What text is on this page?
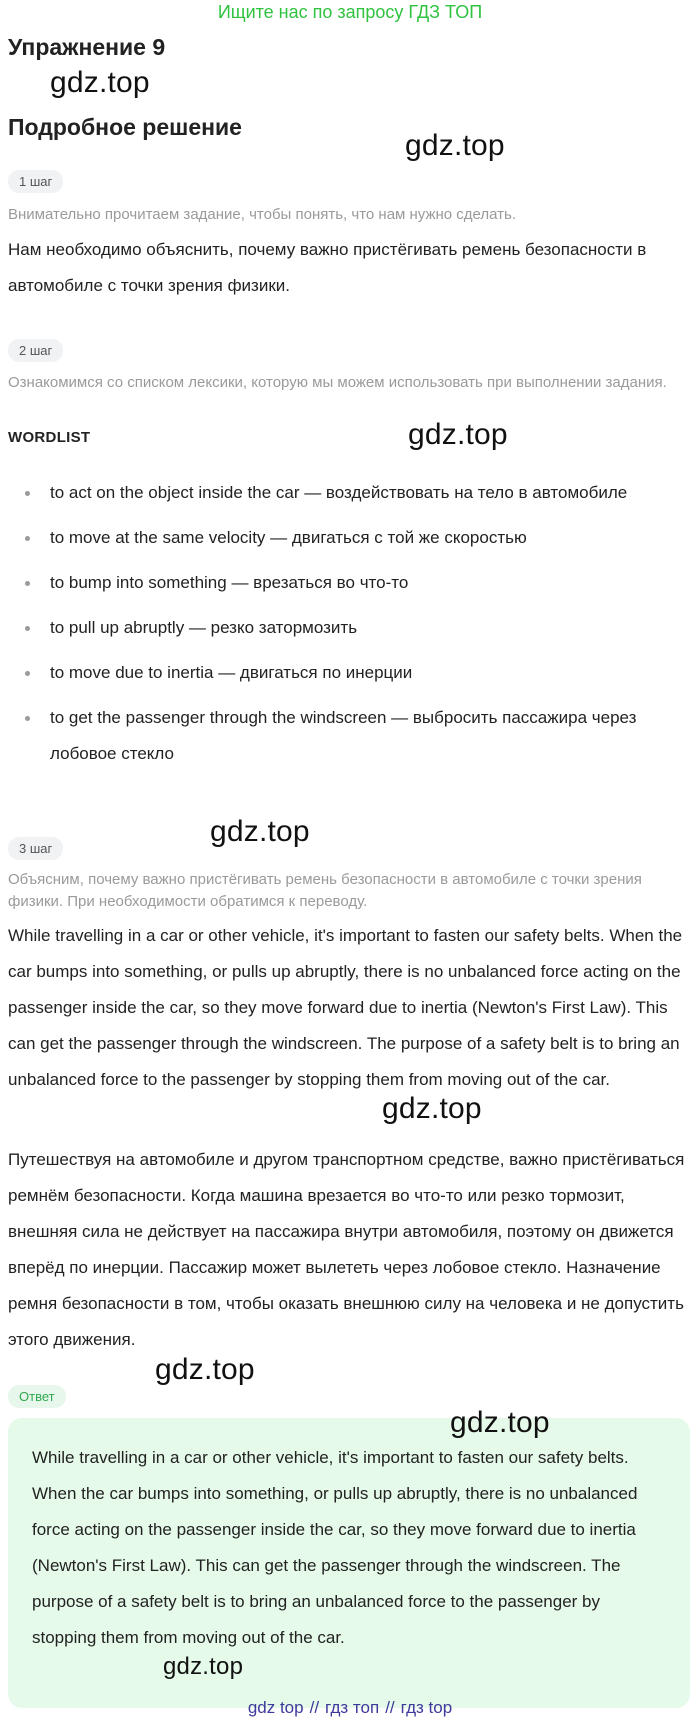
Ищите нас по запросу ГДЗ ТОП
Упражнение 9
gdz.top
Подробное решение
gdz.top
1 шаг
Внимательно прочитаем задание, чтобы понять, что нам нужно сделать.
Нам необходимо объяснить, почему важно пристёгивать ремень безопасности в автомобиле с точки зрения физики.
2 шаг
Ознакомимся со списком лексики, которую мы можем использовать при выполнении задания.
WORDLIST	gdz.top
to act on the object inside the car — воздействовать на тело в автомобиле
to move at the same velocity — двигаться с той же скоростью
to bump into something — врезаться во что-то
to pull up abruptly — резко затормозить
to move due to inertia — двигаться по инерции
to get the passenger through the windscreen — выбросить пассажира через лобовое стекло
gdz.top
3 шаг
Объясним, почему важно пристёгивать ремень безопасности в автомобиле с точки зрения физики. При необходимости обратимся к переводу.
While travelling in a car or other vehicle, it's important to fasten our safety belts. When the car bumps into something, or pulls up abruptly, there is no unbalanced force acting on the passenger inside the car, so they move forward due to inertia (Newton's First Law). This can get the passenger through the windscreen. The purpose of a safety belt is to bring an unbalanced force to the passenger by stopping them from moving out of the car.
gdz.top
Путешествуя на автомобиле и другом транспортном средстве, важно пристёгиваться ремнём безопасности. Когда машина врезается во что-то или резко тормозит, внешняя сила не действует на пассажира внутри автомобиля, поэтому он движется вперёд по инерции. Пассажир может вылететь через лобовое стекло. Назначение ремня безопасности в том, чтобы оказать внешнюю силу на человека и не допустить этого движения.
gdz.top
Ответ
gdz.top
While travelling in a car or other vehicle, it's important to fasten our safety belts. When the car bumps into something, or pulls up abruptly, there is no unbalanced force acting on the passenger inside the car, so they move forward due to inertia (Newton's First Law). This can get the passenger through the windscreen. The purpose of a safety belt is to bring an unbalanced force to the passenger by stopping them from moving out of the car.
gdz.top
gdz top // гдз топ // гдз top
